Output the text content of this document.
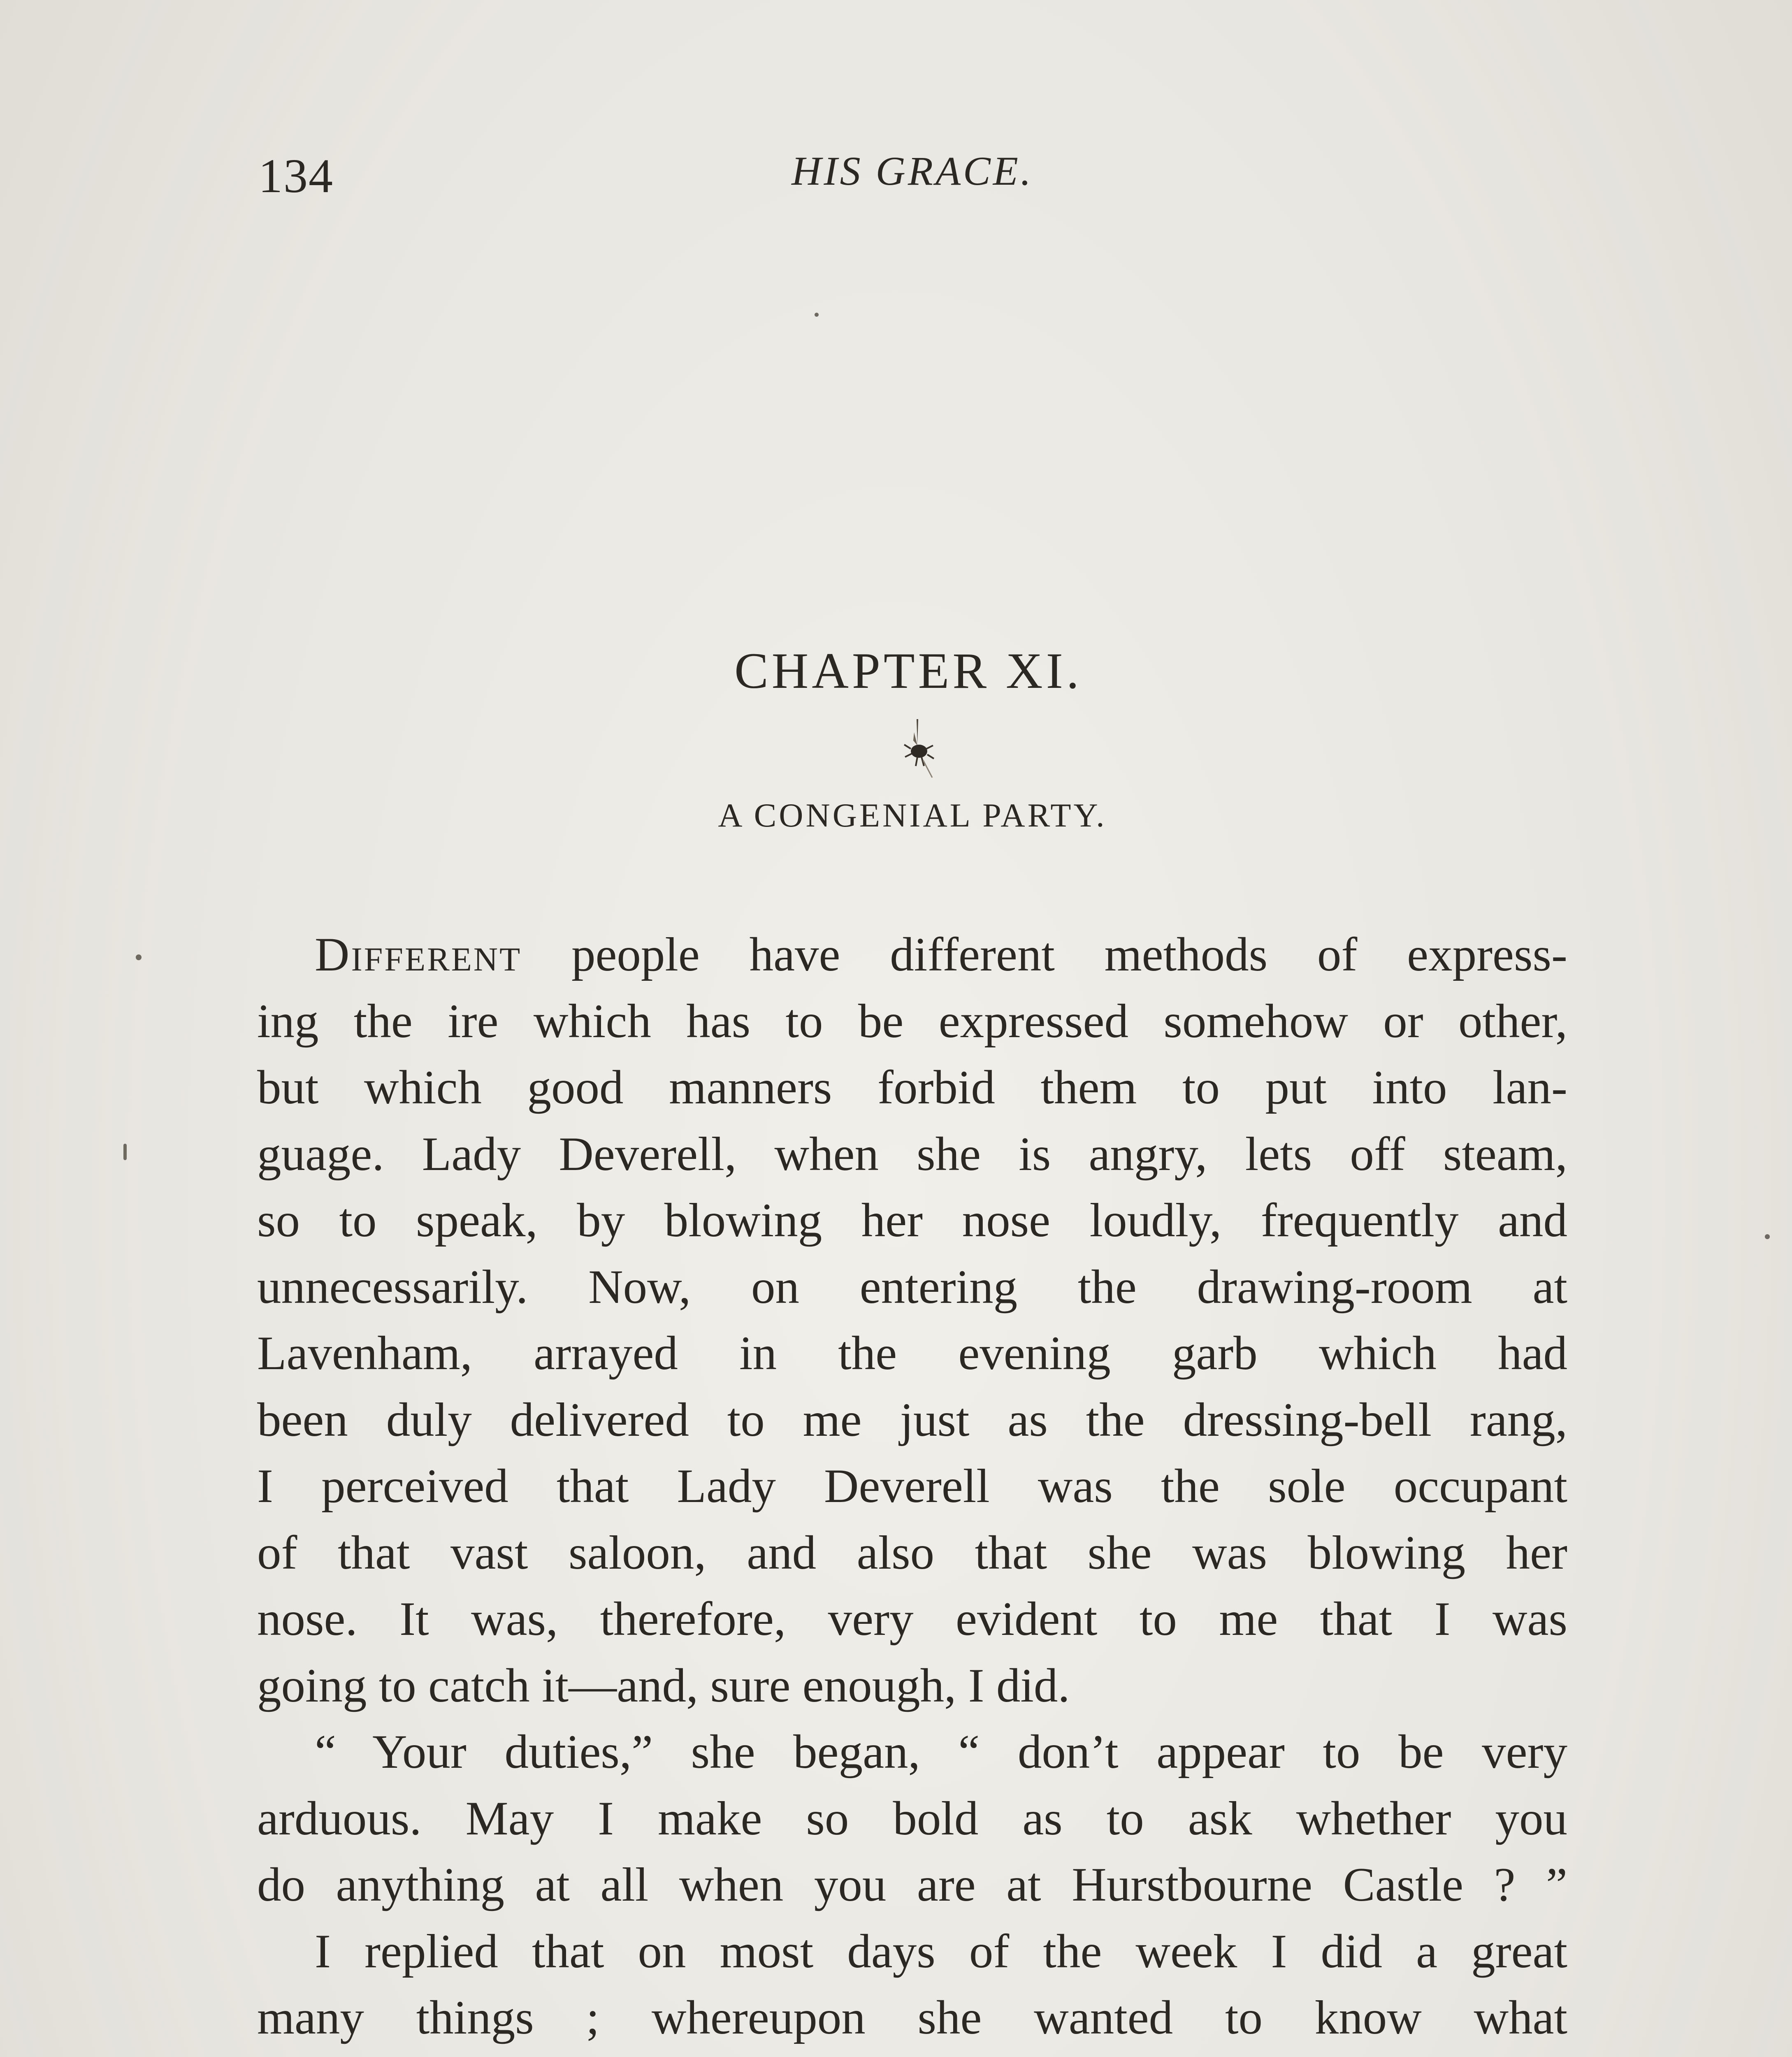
134	HIS GRACE.
CHAPTER XI.
A CONGENIAL PARTY.
Different people have different methods of express-
ing the ire which has to be expressed somehow or other,
but which good manners forbid them to put into lan-
guage. Lady Deverell, when she is angry, lets off steam,
so to speak, by blowing her nose loudly, frequently and
unnecessarily. Now, on entering the drawing-room at
Lavenham, arrayed in the evening garb which had
been duly delivered to me just as the dressing-bell rang,
I perceived that Lady Deverell was the sole occupant
of that vast saloon, and also that she was blowing her
nose. It was, therefore, very evident to me that I was
going to catch it—and, sure enough, I did.
“ Your duties,” she began, “ don’t appear to be very
arduous. May I make so bold as to ask whether you
do anything at all when you are at Hurstbourne Castle ? ”
I replied that on most days of the week I did a great
many things ; whereupon she wanted to know what
